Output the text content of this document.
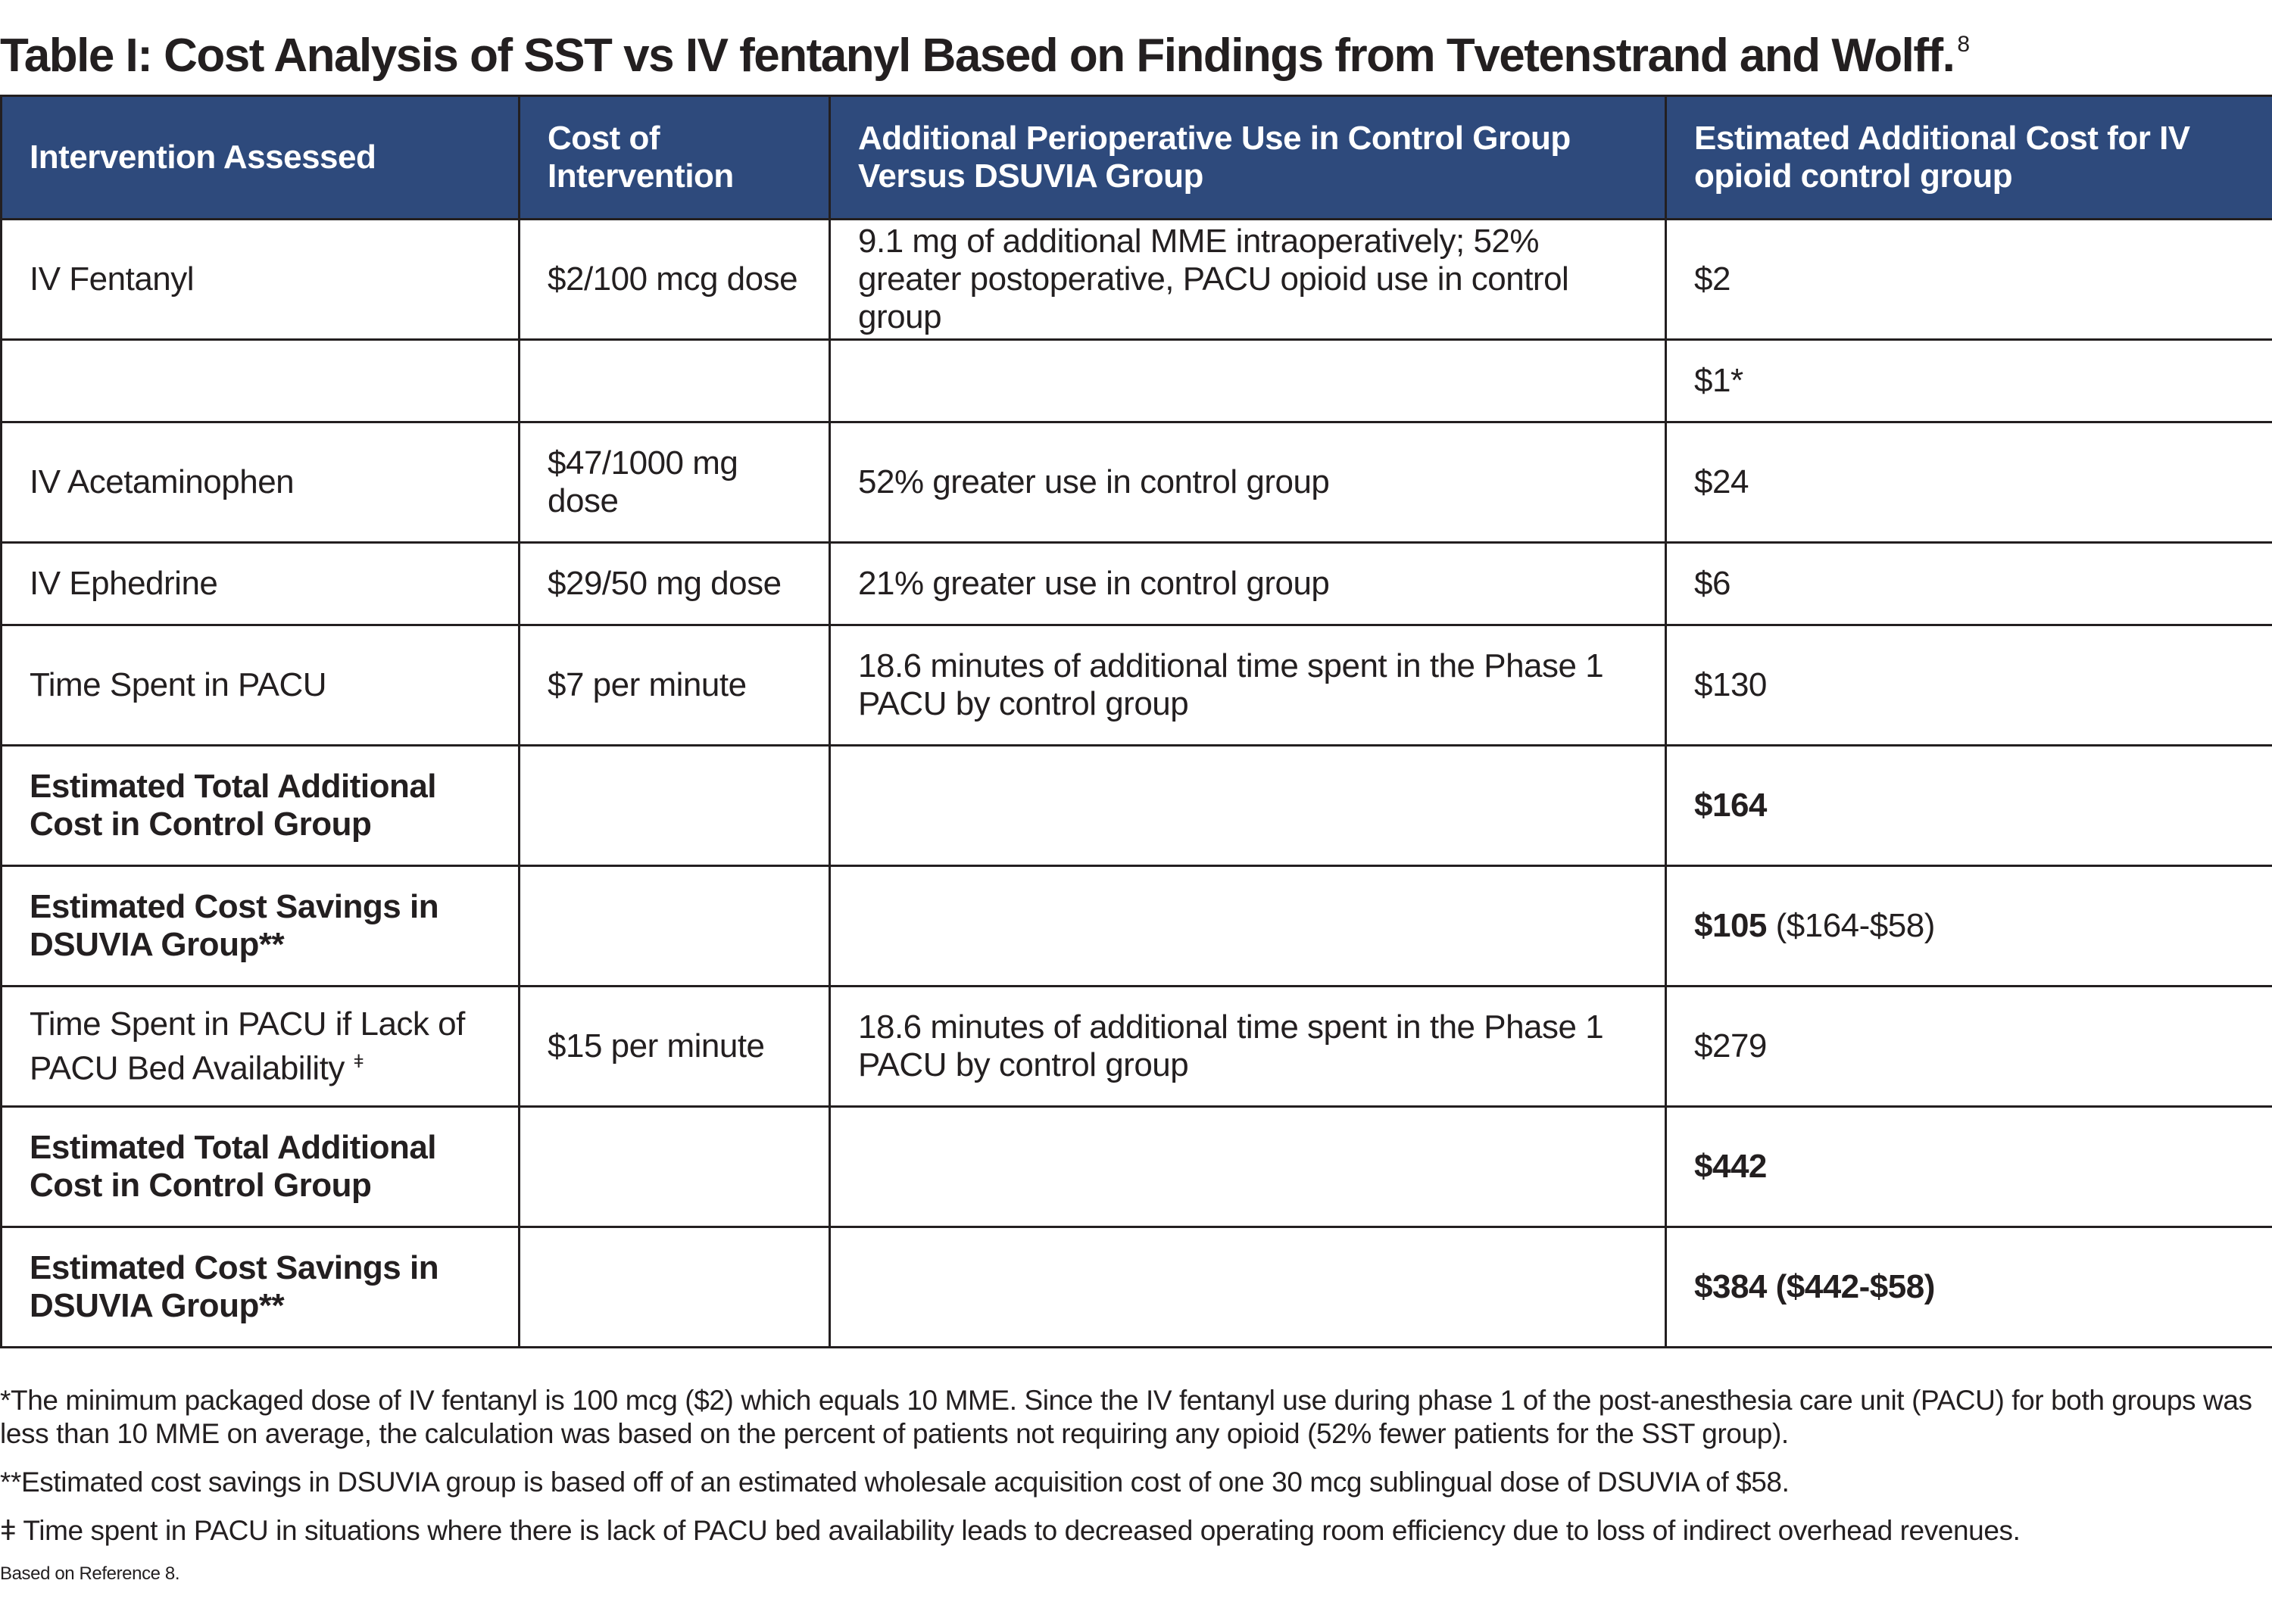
Table I: Cost Analysis of SST vs IV fentanyl Based on Findings from Tvetenstrand and Wolff. $^8$
Intervention Assessed	Cost of Intervention	Additional Perioperative Use in Control Group Versus DSUVIA Group	Estimated Additional Cost for IV opioid control group
IV Fentanyl	$2/100 mcg dose	9.1 mg of additional MME intraoperatively; 52% greater postoperative, PACU opioid use in control group	$2
			$1*
IV Acetaminophen	$47/1000 mg dose	52% greater use in control group	$24
IV Ephedrine	$29/50 mg dose	21% greater use in control group	$6
Time Spent in PACU	$7 per minute	18.6 minutes of additional time spent in the Phase 1 PACU by control group	$130
Estimated Total Additional Cost in Control Group			$164
Estimated Cost Savings in DSUVIA Group**			$105 ($164-$58)
Time Spent in PACU if Lack of PACU Bed Availability $^ǂ$	$15 per minute	18.6 minutes of additional time spent in the Phase 1 PACU by control group	$279
Estimated Total Additional Cost in Control Group			$442
Estimated Cost Savings in DSUVIA Group**			$384 ($442-$58)

*The minimum packaged dose of IV fentanyl is 100 mcg ($2) which equals 10 MME. Since the IV fentanyl use during phase 1 of the post-anesthesia care unit (PACU) for both groups was less than 10 MME on average, the calculation was based on the percent of patients not requiring any opioid (52% fewer patients for the SST group).

**Estimated cost savings in DSUVIA group is based off of an estimated wholesale acquisition cost of one 30 mcg sublingual dose of DSUVIA of $58.

ǂ Time spent in PACU in situations where there is lack of PACU bed availability leads to decreased operating room efficiency due to loss of indirect overhead revenues.

Based on Reference 8.
